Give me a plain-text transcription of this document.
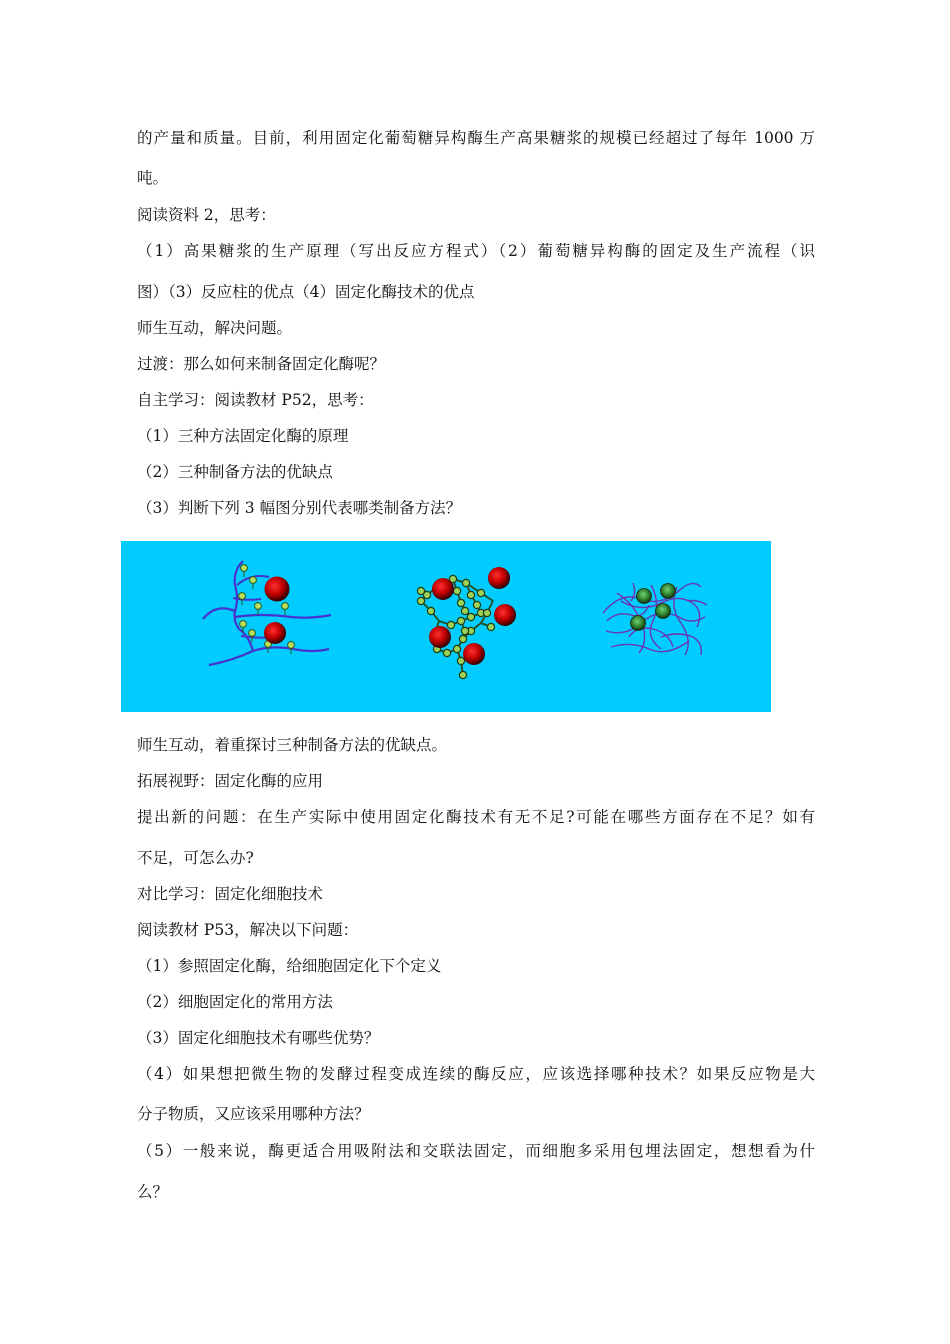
的产量和质量。目前，利用固定化葡萄糖异构酶生产高果糖浆的规模已经超过了每年 1000 万

吨。

阅读资料 2，思考：

（1）高果糖浆的生产原理（写出反应方程式）（2）葡萄糖异构酶的固定及生产流程（识

图）（3）反应柱的优点（4）固定化酶技术的优点

师生互动，解决问题。

过渡：那么如何来制备固定化酶呢？

自主学习：阅读教材 P52，思考：

（1）三种方法固定化酶的原理

（2）三种制备方法的优缺点

（3）判断下列 3 幅图分别代表哪类制备方法？

师生互动，着重探讨三种制备方法的优缺点。

拓展视野：固定化酶的应用

提出新的问题：在生产实际中使用固定化酶技术有无不足?可能在哪些方面存在不足？如有

不足，可怎么办?

对比学习：固定化细胞技术

阅读教材 P53，解决以下问题：

（1）参照固定化酶，给细胞固定化下个定义

（2）细胞固定化的常用方法

（3）固定化细胞技术有哪些优势？

（4）如果想把微生物的发酵过程变成连续的酶反应，应该选择哪种技术？如果反应物是大

分子物质，又应该采用哪种方法？

（5）一般来说，酶更适合用吸附法和交联法固定，而细胞多采用包埋法固定，想想看为什

么？
